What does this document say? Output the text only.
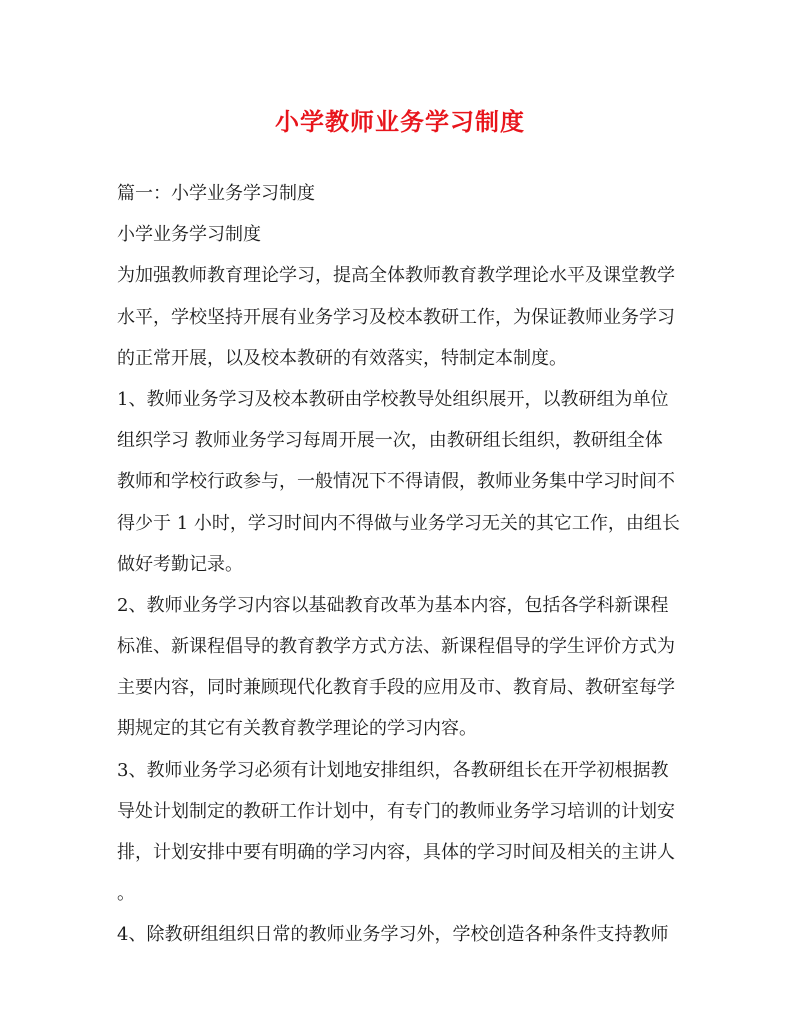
小学教师业务学习制度
篇一：小学业务学习制度
小学业务学习制度
为加强教师教育理论学习，提高全体教师教育教学理论水平及课堂教学
水平，学校坚持开展有业务学习及校本教研工作，为保证教师业务学习
的正常开展，以及校本教研的有效落实，特制定本制度。
1、教师业务学习及校本教研由学校教导处组织展开，以教研组为单位
组织学习 教师业务学习每周开展一次，由教研组长组织，教研组全体
教师和学校行政参与，一般情况下不得请假，教师业务集中学习时间不
得少于 1 小时，学习时间内不得做与业务学习无关的其它工作，由组长
做好考勤记录。
2、教师业务学习内容以基础教育改革为基本内容，包括各学科新课程
标准、新课程倡导的教育教学方式方法、新课程倡导的学生评价方式为
主要内容，同时兼顾现代化教育手段的应用及市、教育局、教研室每学
期规定的其它有关教育教学理论的学习内容。
3、教师业务学习必须有计划地安排组织，各教研组长在开学初根据教
导处计划制定的教研工作计划中，有专门的教师业务学习培训的计划安
排，计划安排中要有明确的学习内容，具体的学习时间及相关的主讲人
。
4、除教研组组织日常的教师业务学习外，学校创造各种条件支持教师
